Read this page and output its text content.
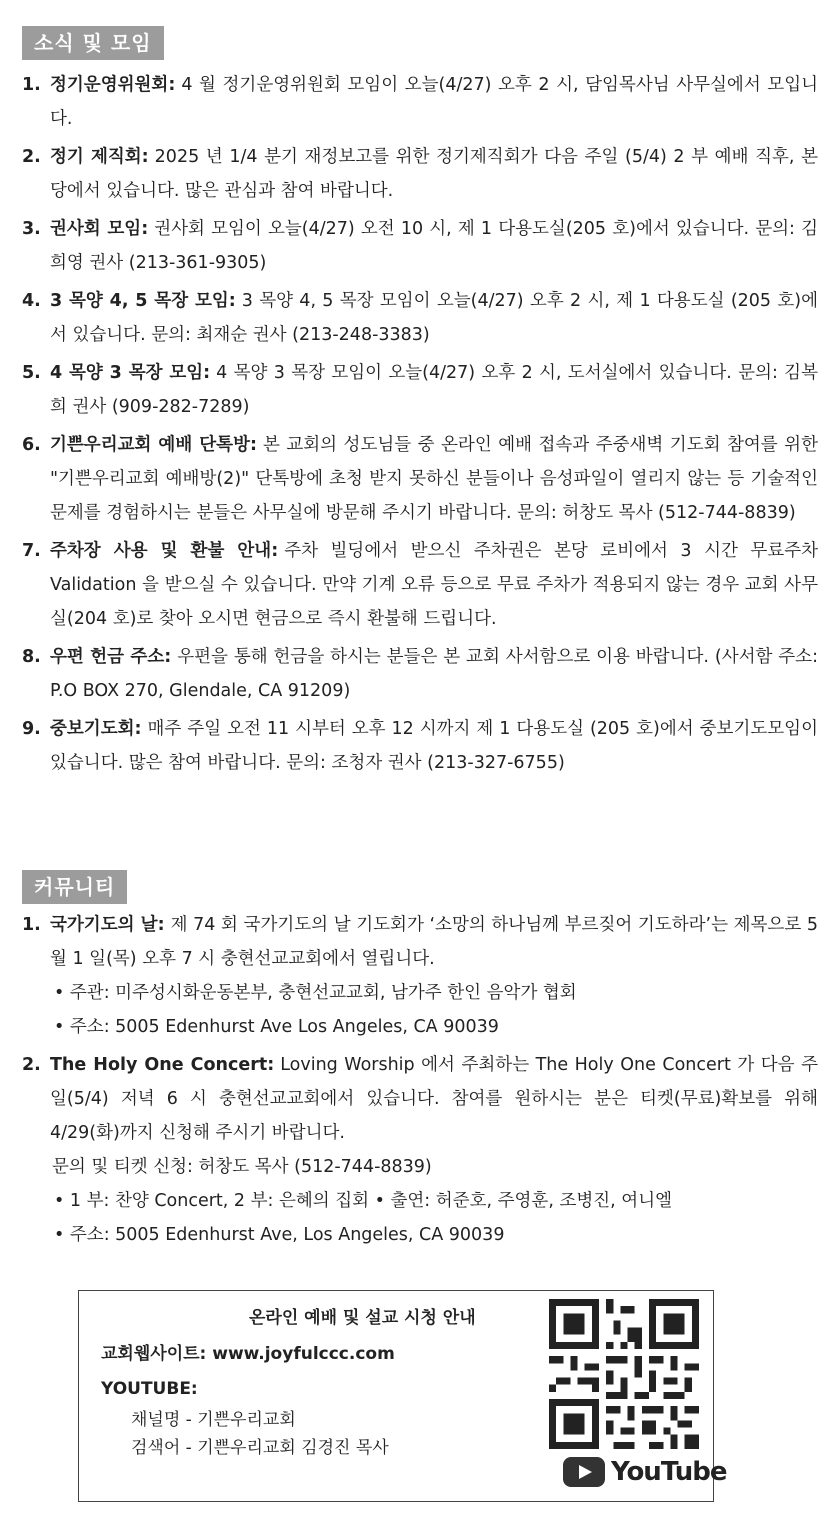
소식 및 모임
1. 정기운영위원회: 4 월 정기운영위원회 모임이 오늘(4/27) 오후 2 시, 담임목사님 사무실에서 모입니다.
2. 정기 제직회: 2025 년 1/4 분기 재정보고를 위한 정기제직회가 다음 주일 (5/4) 2 부 예배 직후, 본당에서 있습니다. 많은 관심과 참여 바랍니다.
3. 권사회 모임: 권사회 모임이 오늘(4/27) 오전 10 시, 제 1 다용도실(205 호)에서 있습니다. 문의: 김희영 권사 (213-361-9305)
4. 3 목양 4, 5 목장 모임: 3 목양 4, 5 목장 모임이 오늘(4/27) 오후 2 시, 제 1 다용도실 (205 호)에서 있습니다. 문의: 최재순 권사 (213-248-3383)
5. 4 목양 3 목장 모임: 4 목양 3 목장 모임이 오늘(4/27) 오후 2 시, 도서실에서 있습니다. 문의: 김복희 권사 (909-282-7289)
6. 기쁜우리교회 예배 단톡방: 본 교회의 성도님들 중 온라인 예배 접속과 주중새벽 기도회 참여를 위한 "기쁜우리교회 예배방(2)" 단톡방에 초청 받지 못하신 분들이나 음성파일이 열리지 않는 등 기술적인 문제를 경험하시는 분들은 사무실에 방문해 주시기 바랍니다. 문의: 허창도 목사 (512-744-8839)
7. 주차장 사용 및 환불 안내: 주차 빌딩에서 받으신 주차권은 본당 로비에서 3 시간 무료주차 Validation 을 받으실 수 있습니다. 만약 기계 오류 등으로 무료 주차가 적용되지 않는 경우 교회 사무실(204 호)로 찾아 오시면 현금으로 즉시 환불해 드립니다.
8. 우편 헌금 주소: 우편을 통해 헌금을 하시는 분들은 본 교회 사서함으로 이용 바랍니다. (사서함 주소: P.O BOX 270, Glendale, CA 91209)
9. 중보기도회: 매주 주일 오전 11 시부터 오후 12 시까지 제 1 다용도실 (205 호)에서 중보기도모임이 있습니다. 많은 참여 바랍니다. 문의: 조청자 권사 (213-327-6755)
커뮤니티
1. 국가기도의 날: 제 74 회 국가기도의 날 기도회가 ‘소망의 하나님께 부르짖어 기도하라’는 제목으로 5 월 1 일(목) 오후 7 시 충현선교교회에서 열립니다.
• 주관: 미주성시화운동본부, 충현선교교회, 남가주 한인 음악가 협회
• 주소: 5005 Edenhurst Ave Los Angeles, CA 90039
2. The Holy One Concert: Loving Worship 에서 주최하는 The Holy One Concert 가 다음 주일(5/4) 저녁 6 시 충현선교교회에서 있습니다. 참여를 원하시는 분은 티켓(무료)확보를 위해 4/29(화)까지 신청해 주시기 바랍니다.
문의 및 티켓 신청: 허창도 목사 (512-744-8839)
• 1 부: 찬양 Concert, 2 부: 은혜의 집회 • 출연: 허준호, 주영훈, 조병진, 여니엘
• 주소: 5005 Edenhurst Ave, Los Angeles, CA 90039
온라인 예배 및 설교 시청 안내
교회웹사이트: www.joyfulccc.com
YOUTUBE:
채널명 - 기쁜우리교회
검색어 - 기쁜우리교회 김경진 목사
YouTube
